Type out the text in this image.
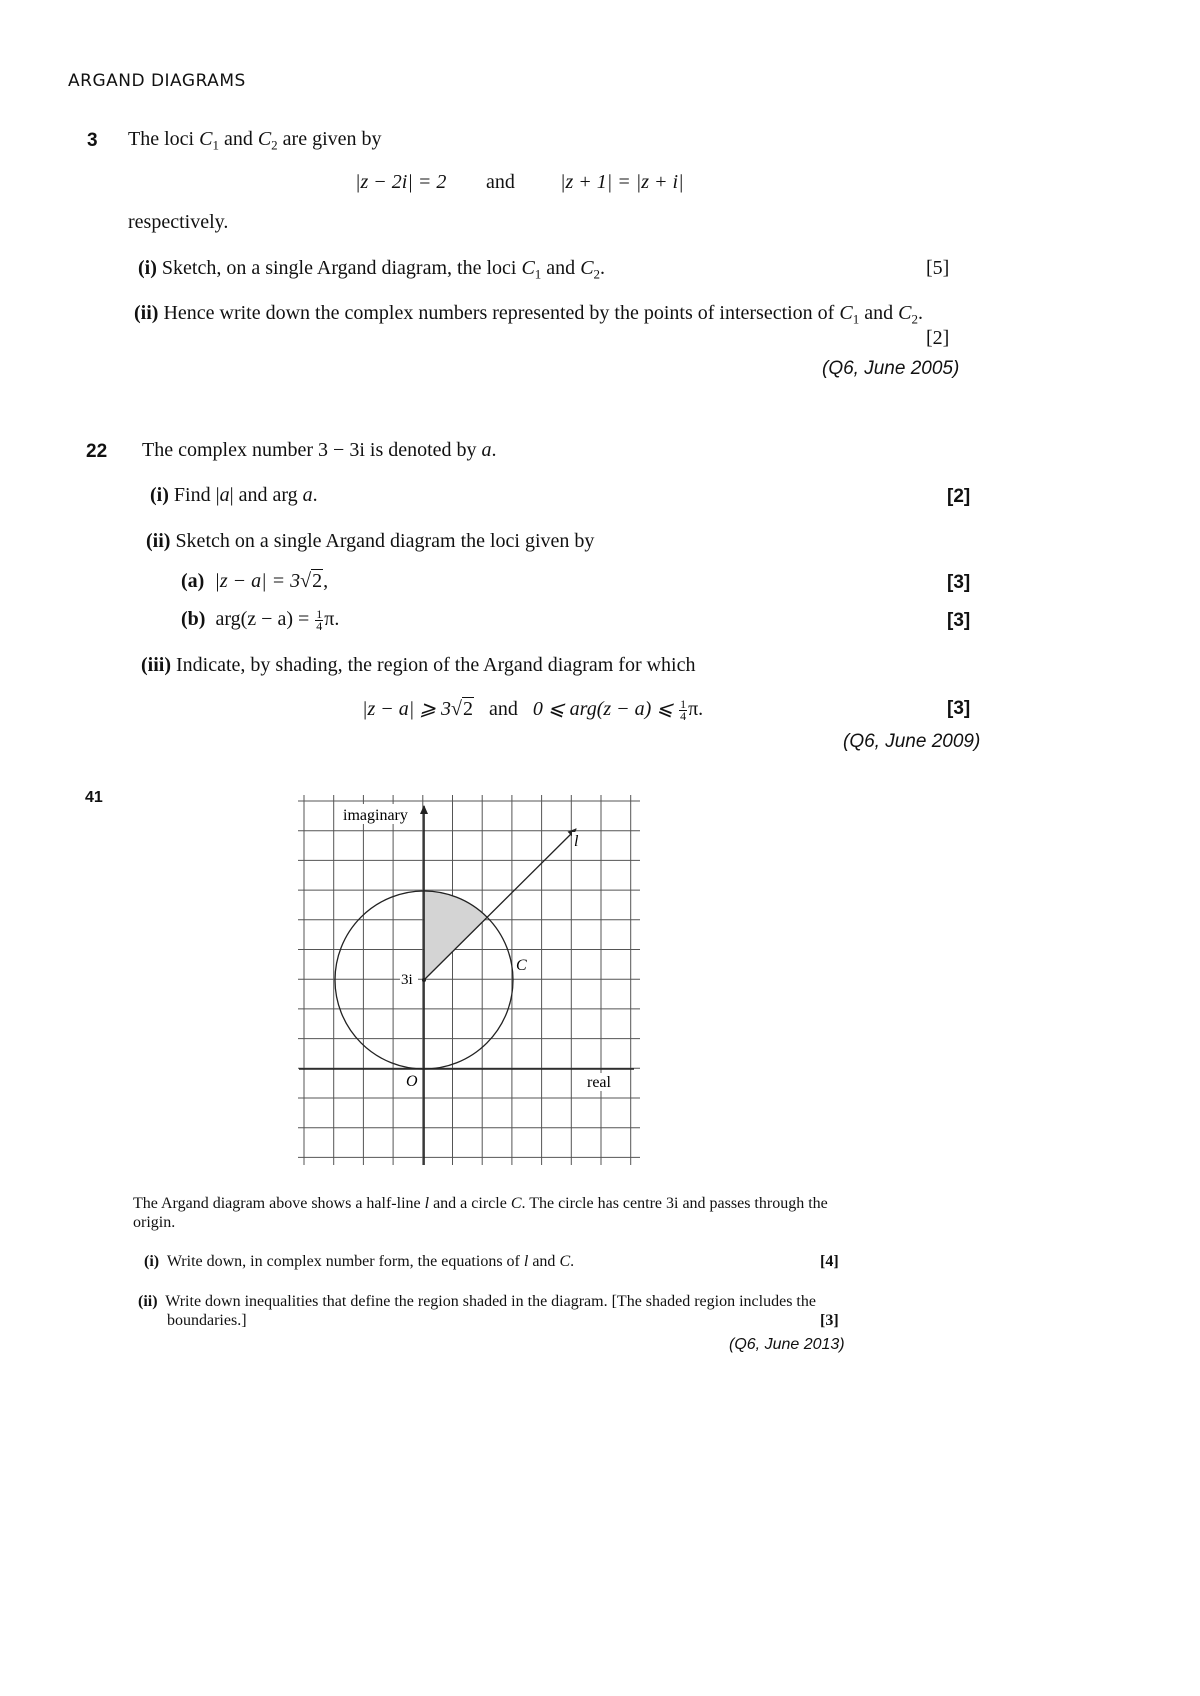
ARGAND DIAGRAMS
3 The loci $C_1$ and $C_2$ are given by
|z − 2i| = 2 and |z + 1| = |z + i|
respectively.
(i) Sketch, on a single Argand diagram, the loci $C_1$ and $C_2$.	[5]
(ii) Hence write down the complex numbers represented by the points of intersection of $C_1$ and $C_2$.
[2]
(Q6, June 2005)
22 The complex number 3 − 3i is denoted by a.
(i) Find |a| and arg a.	[2]
(ii) Sketch on a single Argand diagram the loci given by
(a) |z − a| = 3√2,	[3]
(b) $arg(z - a) = \frac{1}{4} \pi$.	[3]
(iii) Indicate, by shading, the region of the Argand diagram for which
|z − a| ⩾ 3√2 and 0 ⩽ arg(z − a) ⩽ $\frac{1}{4} \pi$.	[3]
(Q6, June 2009)
41
imaginary
real
O
3i
l
C
The Argand diagram above shows a half-line l and a circle C. The circle has centre 3i and passes through the
origin.
(i) Write down, in complex number form, the equations of l and C.	[4]
(ii) Write down inequalities that define the region shaded in the diagram. [The shaded region includes the
boundaries.]	[3]
(Q6, June 2013)
